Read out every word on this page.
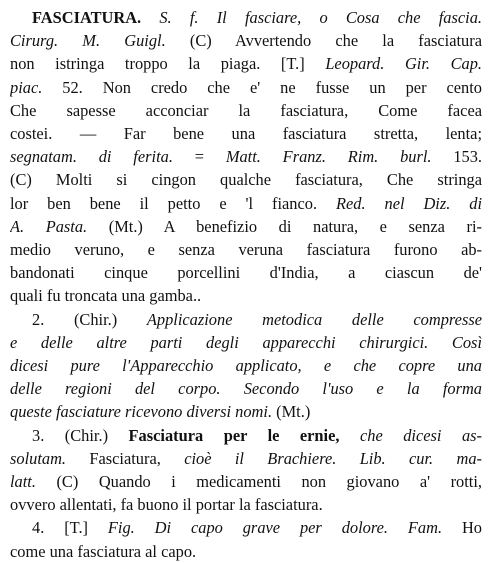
FASCIATURA. S. f. Il fasciare, o Cosa che fascia.
Cirurg. M. Guigl. (C) Avvertendo che la fasciatura
non istringa troppo la piaga. [T.] Leopard. Gir. Cap.
piac. 52. Non credo che e' ne fusse un per cento
Che sapesse acconciar la fasciatura, Come facea
costei. — Far bene una fasciatura stretta, lenta;
segnatam. di ferita. = Matt. Franz. Rim. burl. 153.
(C) Molti si cingon qualche fasciatura, Che stringa
lor ben bene il petto e 'l fianco. Red. nel Diz. di
A. Pasta. (Mt.) A benefizio di natura, e senza ri-
medio veruno, e senza veruna fasciatura furono ab-
bandonati cinque porcellini d'India, a ciascun de'
quali fu troncata una gamba..
2. (Chir.) Applicazione metodica delle compresse
e delle altre parti degli apparecchi chirurgici. Così
dicesi pure l'Apparecchio applicato, e che copre una
delle regioni del corpo. Secondo l'uso e la forma
queste fasciature ricevono diversi nomi. (Mt.)
3. (Chir.) Fasciatura per le ernie, che dicesi as-
solutam. Fasciatura, cioè il Brachiere. Lib. cur. ma-
latt. (C) Quando i medicamenti non giovano a' rotti,
ovvero allentati, fa buono il portar la fasciatura.
4. [T.] Fig. Di capo grave per dolore. Fam. Ho
come una fasciatura al capo.
